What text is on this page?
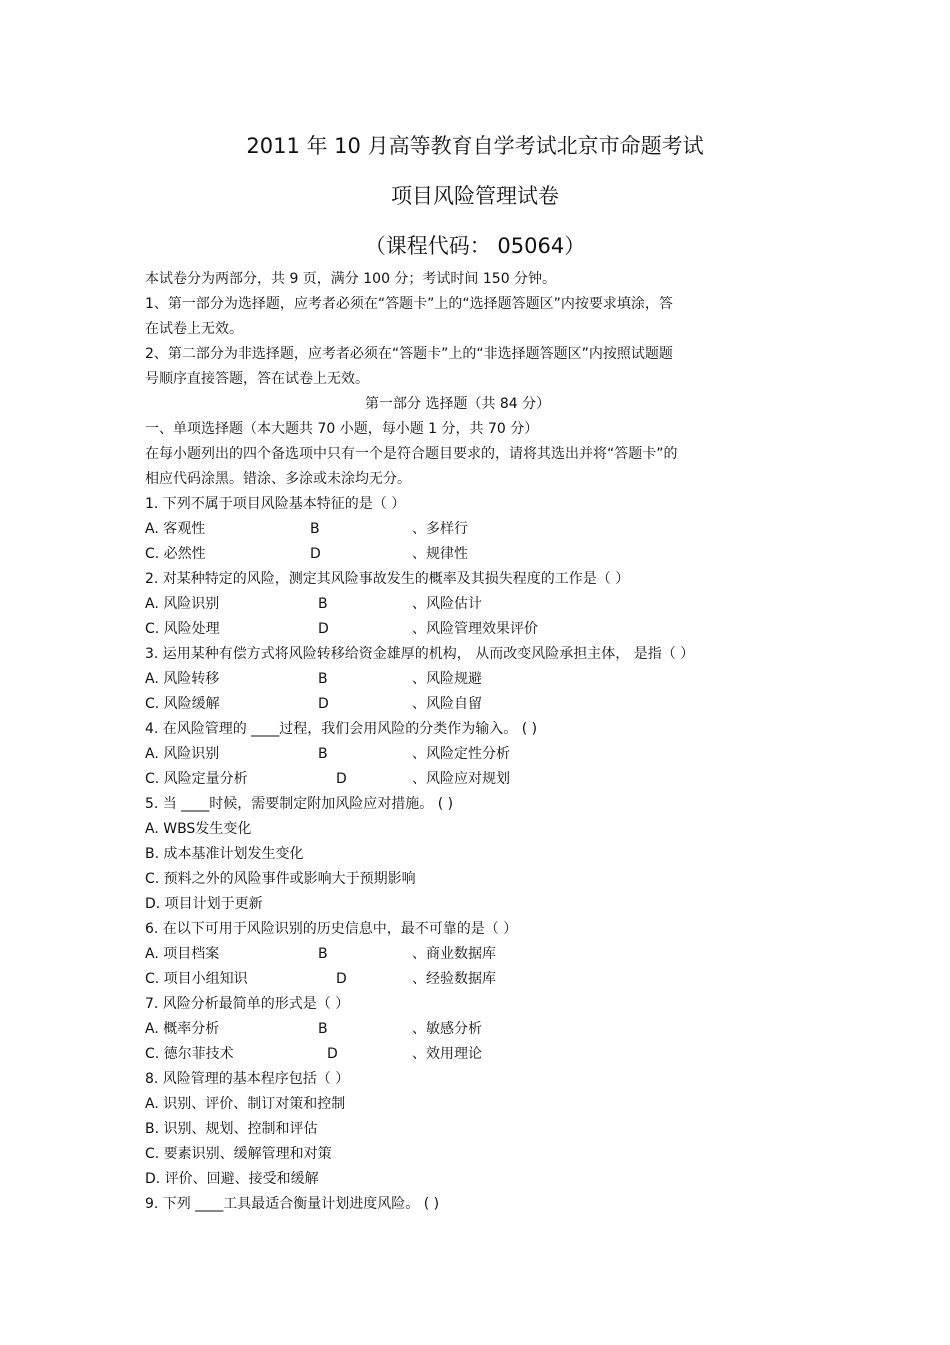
2011 年 10 月高等教育自学考试北京市命题考试
项目风险管理试卷
（课程代码： 05064）
本试卷分为两部分，共 9 页，满分 100 分；考试时间 150 分钟。
1、第一部分为选择题，应考者必须在“答题卡”上的“选择题答题区”内按要求填涂，答
在试卷上无效。
2、第二部分为非选择题，应考者必须在“答题卡”上的“非选择题答题区”内按照试题题
号顺序直接答题，答在试卷上无效。
第一部分 选择题（共 84 分）
一、单项选择题（本大题共 70 小题，每小题 1 分，共 70 分）
在每小题列出的四个备选项中只有一个是符合题目要求的，请将其选出并将“答题卡”的
相应代码涂黑。错涂、多涂或未涂均无分。
1. 下列不属于项目风险基本特征的是（ ）
A. 客观性	B	、多样行
C. 必然性	D	、规律性
2. 对某种特定的风险，测定其风险事故发生的概率及其损失程度的工作是（ ）
A. 风险识别	B	、风险估计
C. 风险处理	D	、风险管理效果评价
3. 运用某种有偿方式将风险转移给资金雄厚的机构， 从而改变风险承担主体， 是指（ ）
A. 风险转移	B	、风险规避
C. 风险缓解	D	、风险自留
4. 在风险管理的 ____过程，我们会用风险的分类作为输入。 ( )
A. 风险识别	B	、风险定性分析
C. 风险定量分析	D	、风险应对规划
5. 当 ____时候，需要制定附加风险应对措施。 ( )
A. WBS发生变化
B. 成本基准计划发生变化
C. 预料之外的风险事件或影响大于预期影响
D. 项目计划于更新
6. 在以下可用于风险识别的历史信息中，最不可靠的是（ ）
A. 项目档案	B	、商业数据库
C. 项目小组知识	D	、经验数据库
7. 风险分析最简单的形式是（ ）
A. 概率分析	B	、敏感分析
C. 德尔菲技术	D	、效用理论
8. 风险管理的基本程序包括（ ）
A. 识别、评价、制订对策和控制
B. 识别、规划、控制和评估
C. 要素识别、缓解管理和对策
D. 评价、回避、接受和缓解
9. 下列 ____工具最适合衡量计划进度风险。 ( )
